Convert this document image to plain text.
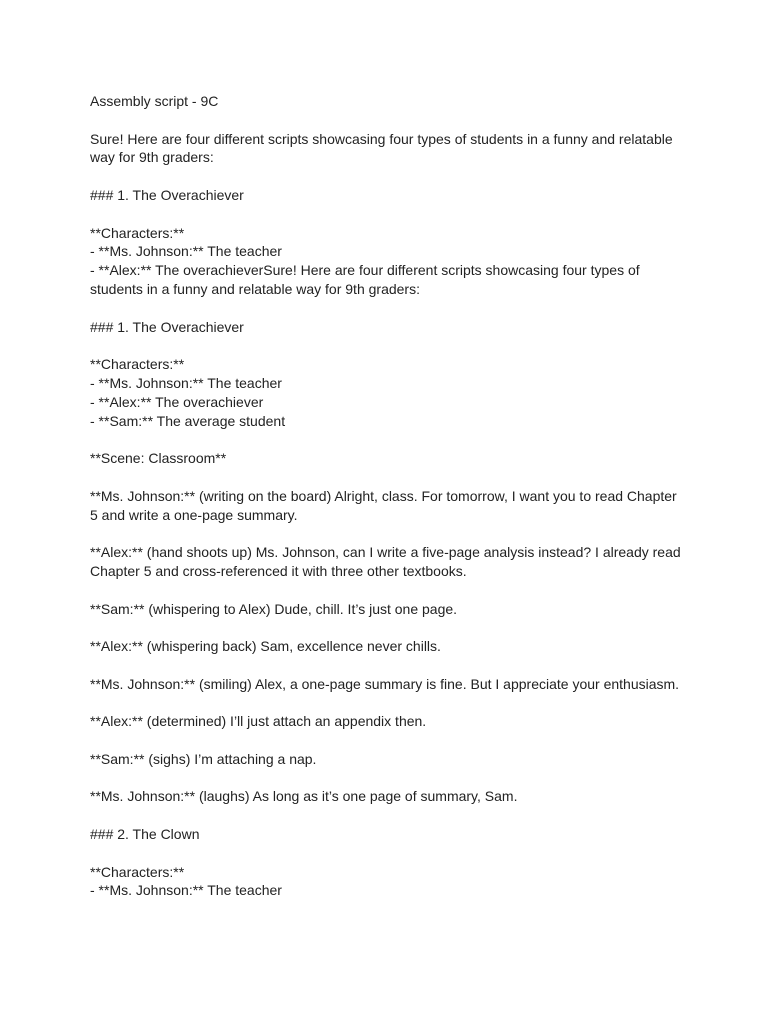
Assembly script - 9C

Sure! Here are four different scripts showcasing four types of students in a funny and relatable

way for 9th graders:

### 1. The Overachiever

**Characters:**

- **Ms. Johnson:** The teacher

- **Alex:** The overachieverSure! Here are four different scripts showcasing four types of

students in a funny and relatable way for 9th graders:

### 1. The Overachiever

**Characters:**

- **Ms. Johnson:** The teacher

- **Alex:** The overachiever

- **Sam:** The average student

**Scene: Classroom**

**Ms. Johnson:** (writing on the board) Alright, class. For tomorrow, I want you to read Chapter

5 and write a one-page summary.

**Alex:** (hand shoots up) Ms. Johnson, can I write a five-page analysis instead? I already read

Chapter 5 and cross-referenced it with three other textbooks.

**Sam:** (whispering to Alex) Dude, chill. It’s just one page.

**Alex:** (whispering back) Sam, excellence never chills.

**Ms. Johnson:** (smiling) Alex, a one-page summary is fine. But I appreciate your enthusiasm.

**Alex:** (determined) I’ll just attach an appendix then.

**Sam:** (sighs) I’m attaching a nap.

**Ms. Johnson:** (laughs) As long as it’s one page of summary, Sam.

### 2. The Clown

**Characters:**

- **Ms. Johnson:** The teacher
